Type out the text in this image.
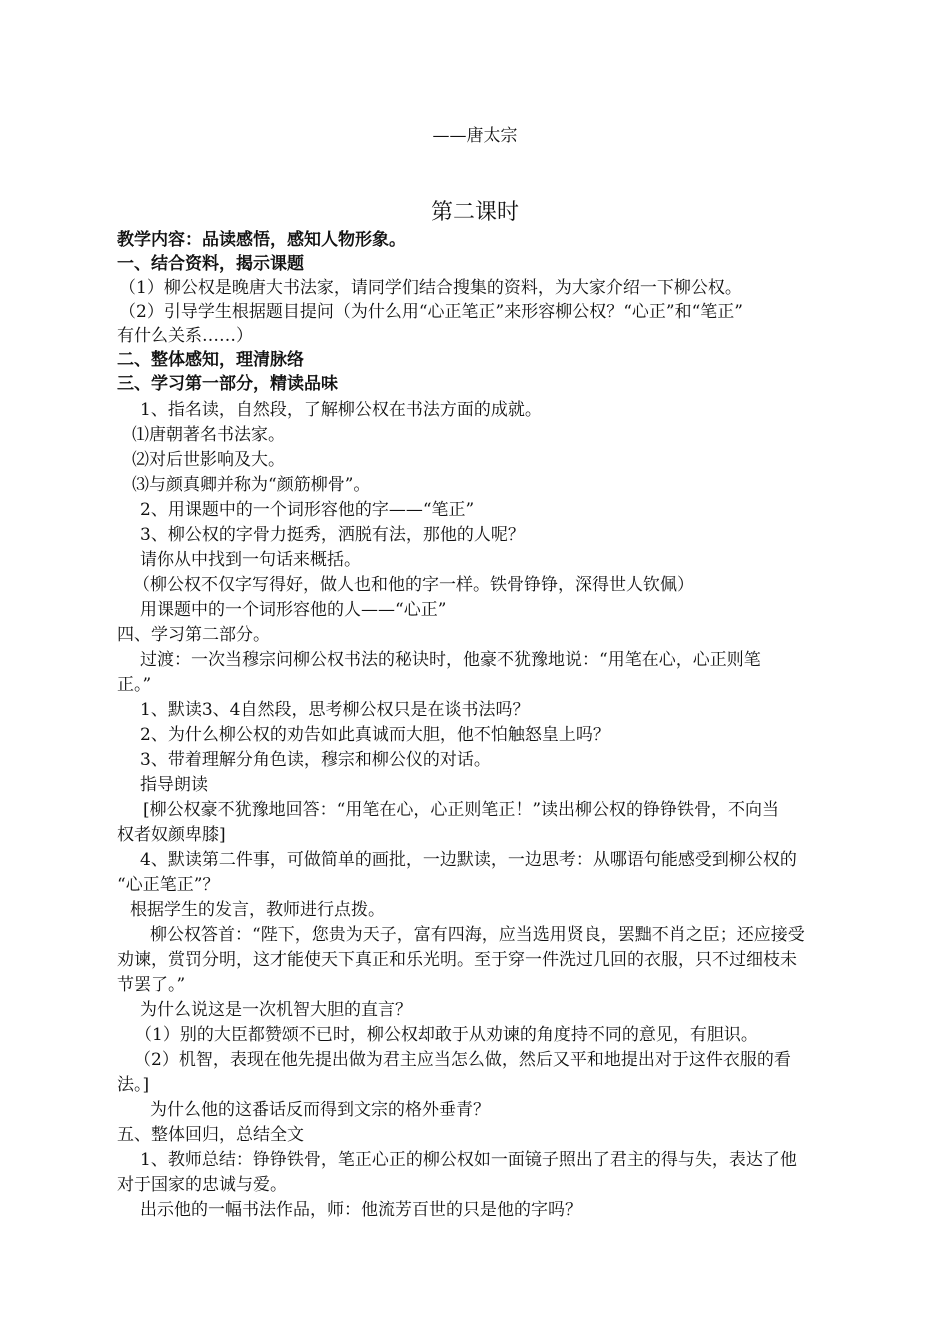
——唐太宗
第二课时
教学内容：品读感悟，感知人物形象。
一、结合资料，揭示课题
（1）柳公权是晚唐大书法家，请同学们结合搜集的资料，为大家介绍一下柳公权。
（2）引导学生根据题目提问（为什么用“心正笔正”来形容柳公权？“心正”和“笔正”
有什么关系……）
二、整体感知，理清脉络
三、学习第一部分，精读品味
1、指名读，自然段，了解柳公权在书法方面的成就。
⑴唐朝著名书法家。
⑵对后世影响及大。
⑶与颜真卿并称为“颜筋柳骨”。
2、用课题中的一个词形容他的字——“笔正”
3、柳公权的字骨力挺秀，洒脱有法，那他的人呢？
请你从中找到一句话来概括。
（柳公权不仅字写得好，做人也和他的字一样。铁骨铮铮，深得世人钦佩）
用课题中的一个词形容他的人——“心正”
四、学习第二部分。
过渡：一次当穆宗问柳公权书法的秘诀时，他豪不犹豫地说：“用笔在心，心正则笔
正。”
1、默读3、4自然段，思考柳公权只是在谈书法吗？
2、为什么柳公权的劝告如此真诚而大胆，他不怕触怒皇上吗？
3、带着理解分角色读，穆宗和柳公仪的对话。
指导朗读
[柳公权豪不犹豫地回答：“用笔在心，心正则笔正！”读出柳公权的铮铮铁骨，不向当
权者奴颜卑膝]
4、默读第二件事，可做简单的画批，一边默读，一边思考：从哪语句能感受到柳公权的
“心正笔正”？
根据学生的发言，教师进行点拨。
柳公权答首：“陛下，您贵为天子，富有四海，应当选用贤良，罢黜不肖之臣；还应接受
劝谏，赏罚分明，这才能使天下真正和乐光明。至于穿一件洗过几回的衣服，只不过细枝未
节罢了。”
为什么说这是一次机智大胆的直言？
（1）别的大臣都赞颂不已时，柳公权却敢于从劝谏的角度持不同的意见，有胆识。
（2）机智，表现在他先提出做为君主应当怎么做，然后又平和地提出对于这件衣服的看
法。]
为什么他的这番话反而得到文宗的格外垂青？
五、整体回归，总结全文
1、教师总结：铮铮铁骨，笔正心正的柳公权如一面镜子照出了君主的得与失，表达了他
对于国家的忠诚与爱。
出示他的一幅书法作品，师：他流芳百世的只是他的字吗？
